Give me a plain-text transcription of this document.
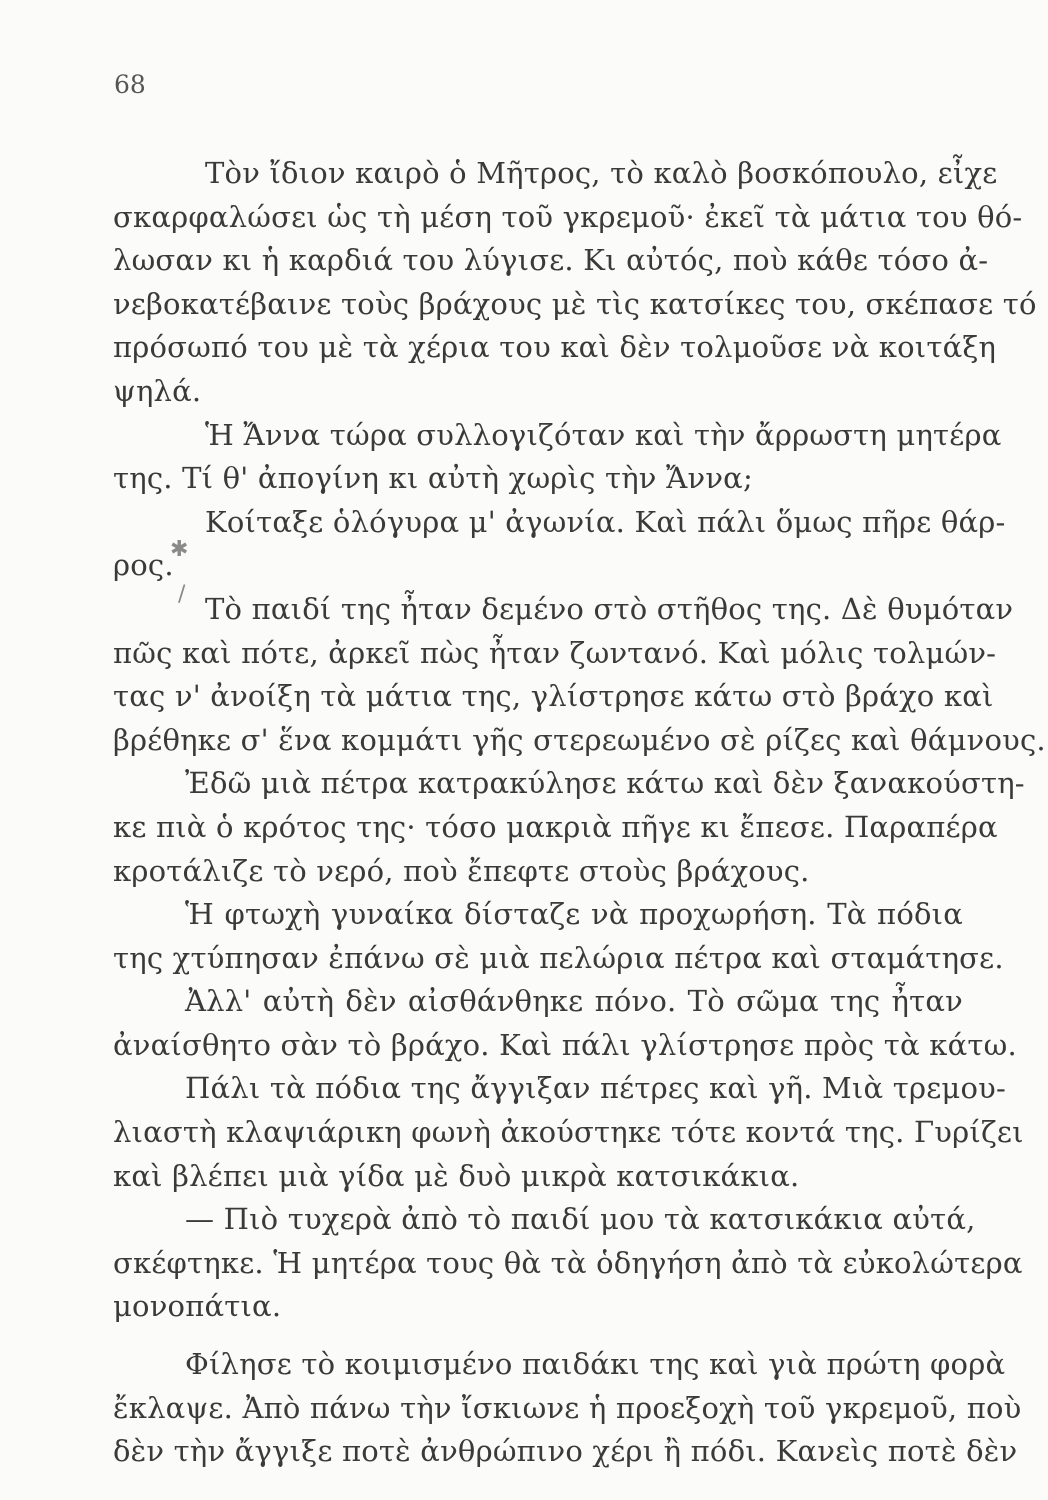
68
✱
/
Τὸν ἴδιον καιρὸ ὁ Μῆτρος, τὸ καλὸ βοσκόπουλο, εἶχε
σκαρφαλώσει ὡς τὴ μέση τοῦ γκρεμοῦ· ἐκεῖ τὰ μάτια του θό-
λωσαν κι ἡ καρδιά του λύγισε. Κι αὐτός, ποὺ κάθε τόσο ἀ-
νεβοκατέβαινε τοὺς βράχους μὲ τὶς κατσίκες του, σκέπασε τό
πρόσωπό του μὲ τὰ χέρια του καὶ δὲν τολμοῦσε νὰ κοιτάξη
ψηλά.
Ἡ Ἄννα τώρα συλλογιζόταν καὶ τὴν ἄρρωστη μητέρα
της. Τί θ' ἀπογίνη κι αὐτὴ χωρὶς τὴν Ἄννα;
Κοίταξε ὁλόγυρα μ' ἀγωνία. Καὶ πάλι ὅμως πῆρε θάρ-
ρος.
Τὸ παιδί της ἦταν δεμένο στὸ στῆθος της. Δὲ θυμόταν
πῶς καὶ πότε, ἀρκεῖ πὼς ἦταν ζωντανό. Καὶ μόλις τολμών-
τας ν' ἀνοίξη τὰ μάτια της, γλίστρησε κάτω στὸ βράχο καὶ
βρέθηκε σ' ἕνα κομμάτι γῆς στερεωμένο σὲ ρίζες καὶ θάμνους.
Ἐδῶ μιὰ πέτρα κατρακύλησε κάτω καὶ δὲν ξανακούστη-
κε πιὰ ὁ κρότος της· τόσο μακριὰ πῆγε κι ἔπεσε. Παραπέρα
κροτάλιζε τὸ νερό, ποὺ ἔπεφτε στοὺς βράχους.
Ἡ φτωχὴ γυναίκα δίσταζε νὰ προχωρήση. Τὰ πόδια
της χτύπησαν ἐπάνω σὲ μιὰ πελώρια πέτρα καὶ σταμάτησε.
Ἀλλ' αὐτὴ δὲν αἰσθάνθηκε πόνο. Τὸ σῶμα της ἦταν
ἀναίσθητο σὰν τὸ βράχο. Καὶ πάλι γλίστρησε πρὸς τὰ κάτω.
Πάλι τὰ πόδια της ἄγγιξαν πέτρες καὶ γῆ. Μιὰ τρεμου-
λιαστὴ κλαψιάρικη φωνὴ ἀκούστηκε τότε κοντά της. Γυρίζει
καὶ βλέπει μιὰ γίδα μὲ δυὸ μικρὰ κατσικάκια.
— Πιὸ τυχερὰ ἀπὸ τὸ παιδί μου τὰ κατσικάκια αὐτά,
σκέφτηκε. Ἡ μητέρα τους θὰ τὰ ὁδηγήση ἀπὸ τὰ εὐκολώτερα
μονοπάτια.
Φίλησε τὸ κοιμισμένο παιδάκι της καὶ γιὰ πρώτη φορὰ
ἔκλαψε. Ἀπὸ πάνω τὴν ἴσκιωνε ἡ προεξοχὴ τοῦ γκρεμοῦ, ποὺ
δὲν τὴν ἄγγιξε ποτὲ ἀνθρώπινο χέρι ἢ πόδι. Κανεὶς ποτὲ δὲν
